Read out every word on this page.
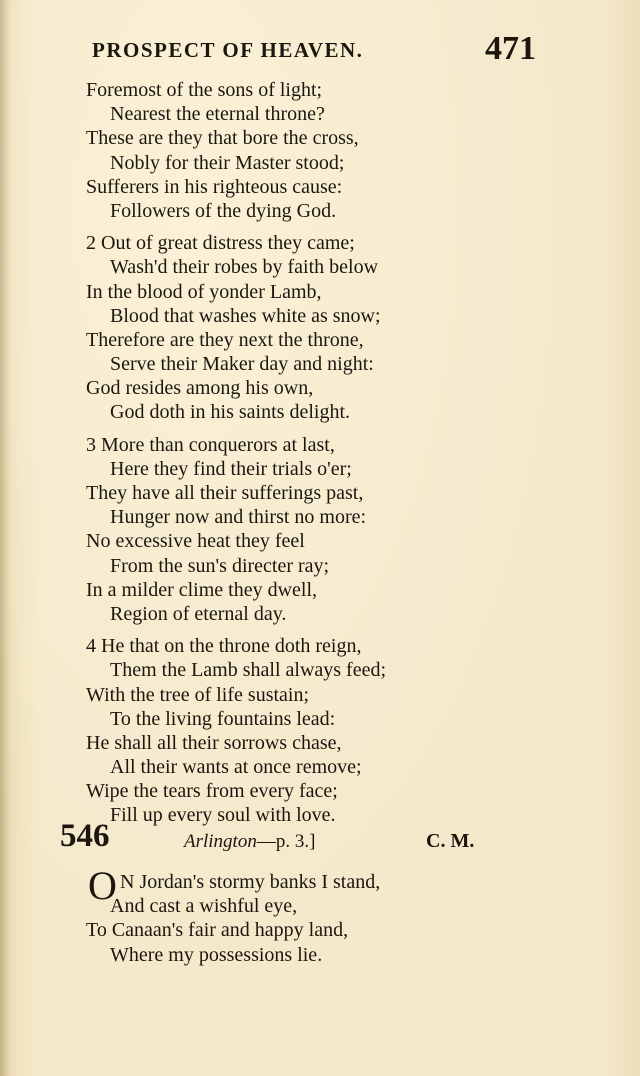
PROSPECT OF HEAVEN.	471
Foremost of the sons of light;
Nearest the eternal throne?
These are they that bore the cross,
Nobly for their Master stood;
Sufferers in his righteous cause:
Followers of the dying God.
2 Out of great distress they came;
Wash'd their robes by faith below
In the blood of yonder Lamb,
Blood that washes white as snow;
Therefore are they next the throne,
Serve their Maker day and night:
God resides among his own,
God doth in his saints delight.
3 More than conquerors at last,
Here they find their trials o'er;
They have all their sufferings past,
Hunger now and thirst no more:
No excessive heat they feel
From the sun's directer ray;
In a milder clime they dwell,
Region of eternal day.
4 He that on the throne doth reign,
Them the Lamb shall always feed;
With the tree of life sustain;
To the living fountains lead:
He shall all their sorrows chase,
All their wants at once remove;
Wipe the tears from every face;
Fill up every soul with love.
546	Arlington—p. 3.]	C. M.
O N Jordan's stormy banks I stand,
And cast a wishful eye,
To Canaan's fair and happy land,
Where my possessions lie.
